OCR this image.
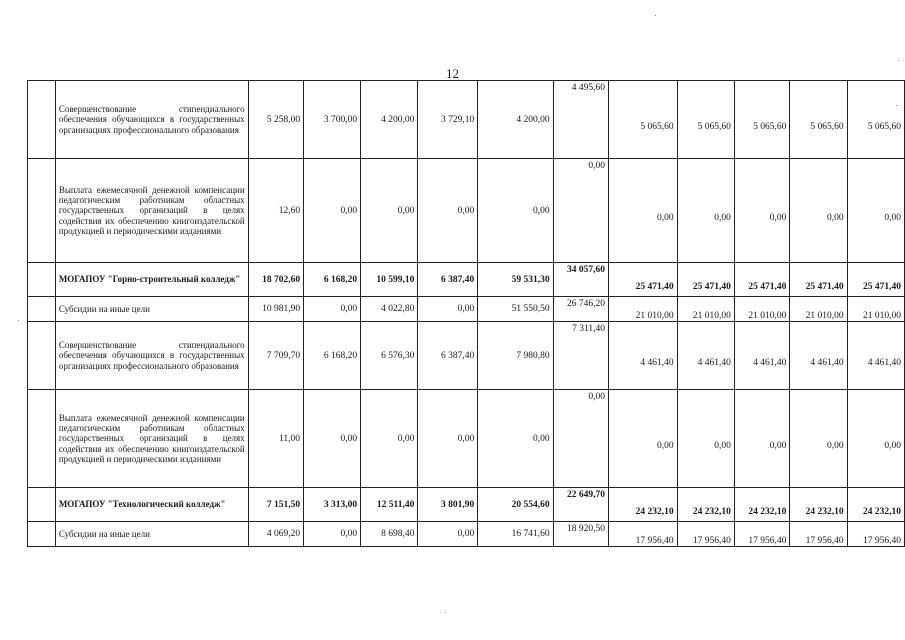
12
	Совершенствование стипендиального обеспечения обучающихся в государственных организациях профессионального образования	5 258,00	3 700,00	4 200,00	3 729,10	4 200,00	4 495,60	5 065,60	5 065,60	5 065,60	5 065,60	5 065,60
	Выплата ежемесячной денежной компенсации педагогическим работникам областных государственных организаций в целях содействия их обеспечению книгоиздательской продукцией и периодическими изданиями	12,60	0,00	0,00	0,00	0,00	0,00	0,00	0,00	0,00	0,00	0,00
	МОГАПОУ "Горно-строительный колледж"	18 702,60	6 168,20	10 599,10	6 387,40	59 531,30	34 057,60	25 471,40	25 471,40	25 471,40	25 471,40	25 471,40
	Субсидии на иные цели	10 981,90	0,00	4 022,80	0,00	51 550,50	26 746,20	21 010,00	21 010,00	21 010,00	21 010,00	21 010,00
	Совершенствование стипендиального обеспечения обучающихся в государственных организациях профессионального образования	7 709,70	6 168,20	6 576,30	6 387,40	7 980,80	7 311,40	4 461,40	4 461,40	4 461,40	4 461,40	4 461,40
	Выплата ежемесячной денежной компенсации педагогическим работникам областных государственных организаций в целях содействия их обеспечению книгоиздательской продукцией и периодическими изданиями	11,00	0,00	0,00	0,00	0,00	0,00	0,00	0,00	0,00	0,00	0,00
	МОГАПОУ "Технологический колледж"	7 151,50	3 313,00	12 511,40	3 801,90	20 554,60	22 649,70	24 232,10	24 232,10	24 232,10	24 232,10	24 232,10
	Субсидии на иные цели	4 069,20	0,00	8 698,40	0,00	16 741,60	18 920,50	17 956,40	17 956,40	17 956,40	17 956,40	17 956,40
